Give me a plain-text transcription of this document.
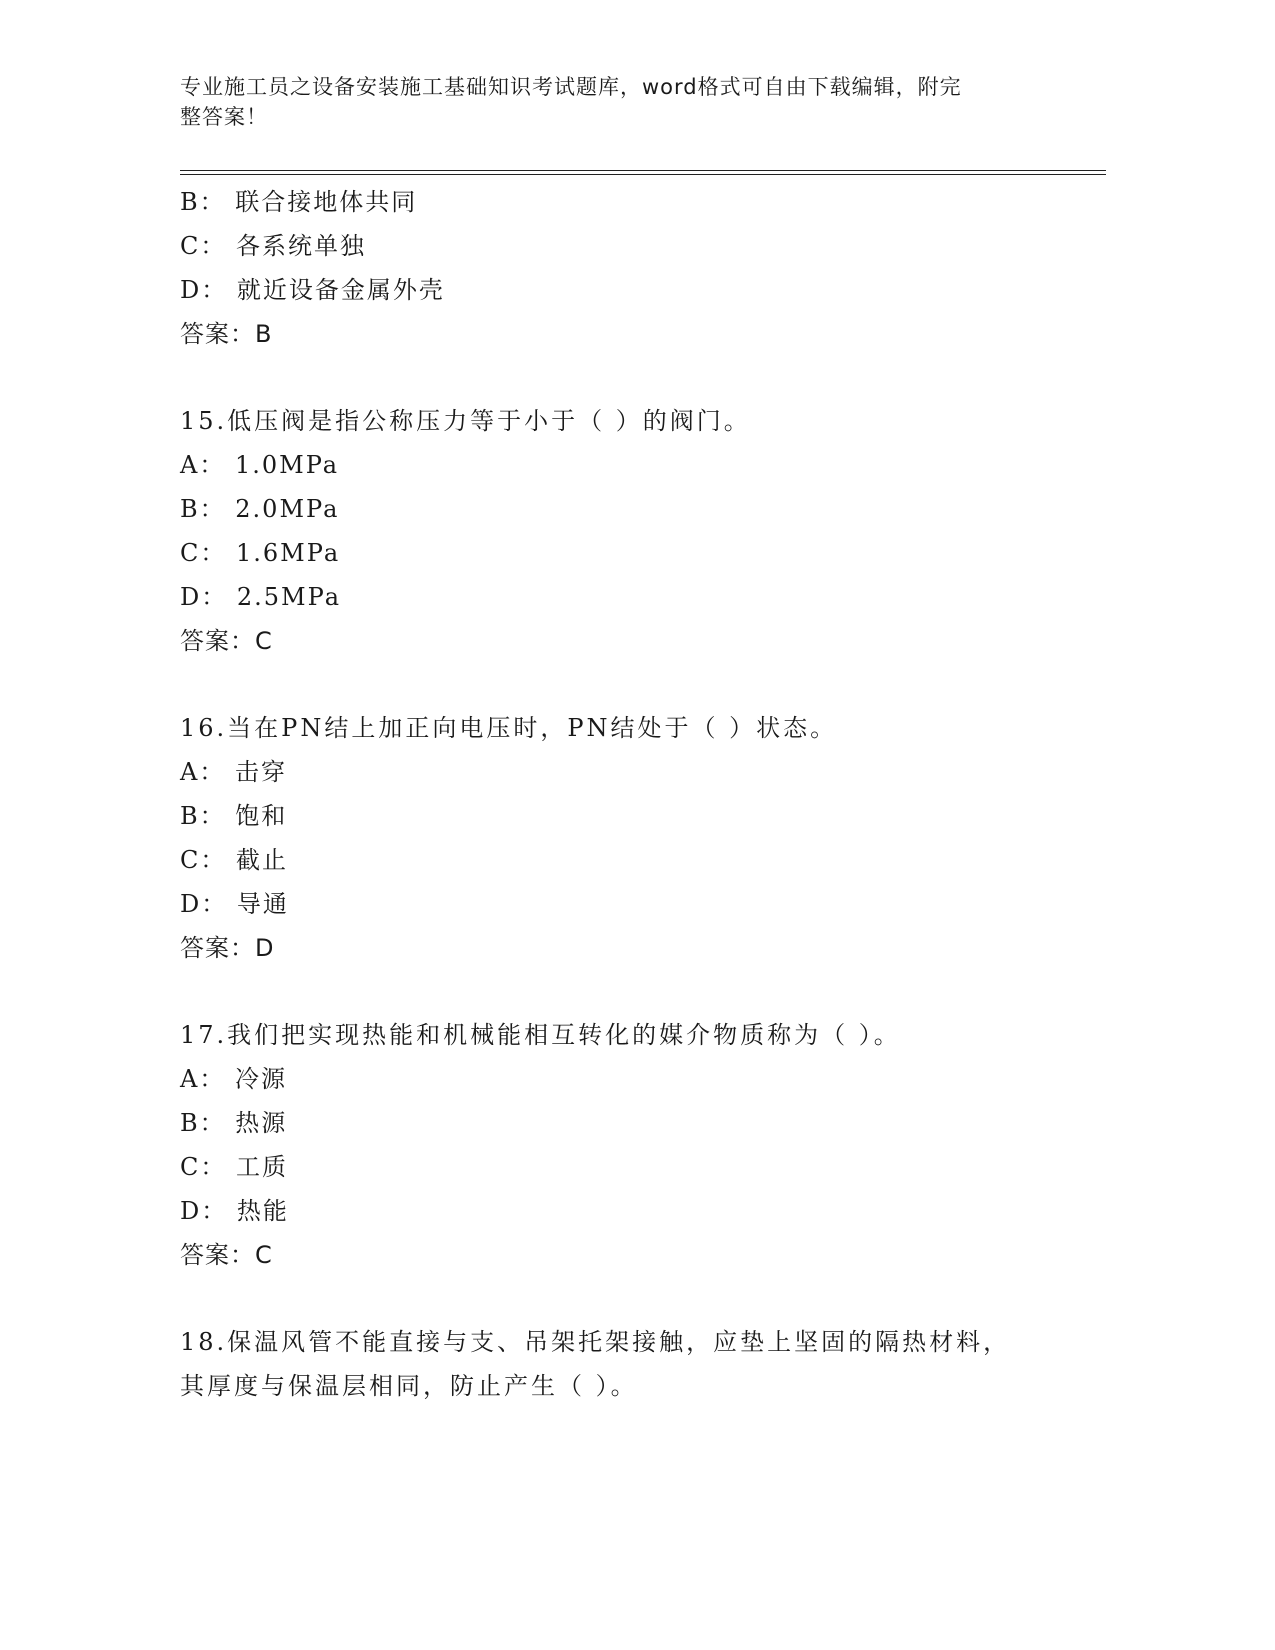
专业施工员之设备安装施工基础知识考试题库，word格式可自由下载编辑，附完
整答案！
B： 联合接地体共同
C： 各系统单独
D： 就近设备金属外壳
答案：B
15.低压阀是指公称压力等于小于（ ）的阀门。
A： 1.0MPa
B： 2.0MPa
C： 1.6MPa
D： 2.5MPa
答案：C
16.当在PN结上加正向电压时，PN结处于（ ）状态。
A： 击穿
B： 饱和
C： 截止
D： 导通
答案：D
17.我们把实现热能和机械能相互转化的媒介物质称为（ ）。
A： 冷源
B： 热源
C： 工质
D： 热能
答案：C
18.保温风管不能直接与支、吊架托架接触，应垫上坚固的隔热材料，
其厚度与保温层相同，防止产生（ ）。
